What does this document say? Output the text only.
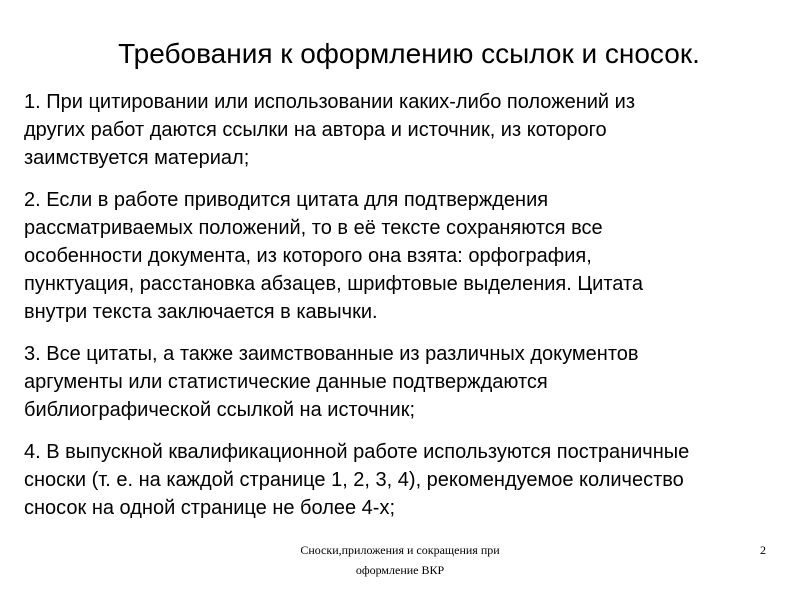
Требования к оформлению ссылок и сносок.
1. При цитировании или использовании каких-либо положений из
других работ даются ссылки на автора и источник, из которого
заимствуется материал;
2. Если в работе приводится цитата для подтверждения
рассматриваемых положений, то в её тексте сохраняются все
особенности документа, из которого она взята: орфография,
пунктуация, расстановка абзацев, шрифтовые выделения. Цитата
внутри текста заключается в кавычки.
3. Все цитаты, а также заимствованные из различных документов
аргументы или статистические данные подтверждаются
библиографической ссылкой на источник;
4. В выпускной квалификационной работе используются постраничные
сноски (т. е. на каждой странице 1, 2, 3, 4), рекомендуемое количество
сносок на одной странице не более 4-х;
Сноски,приложения и сокращения при
оформление ВКР
2
